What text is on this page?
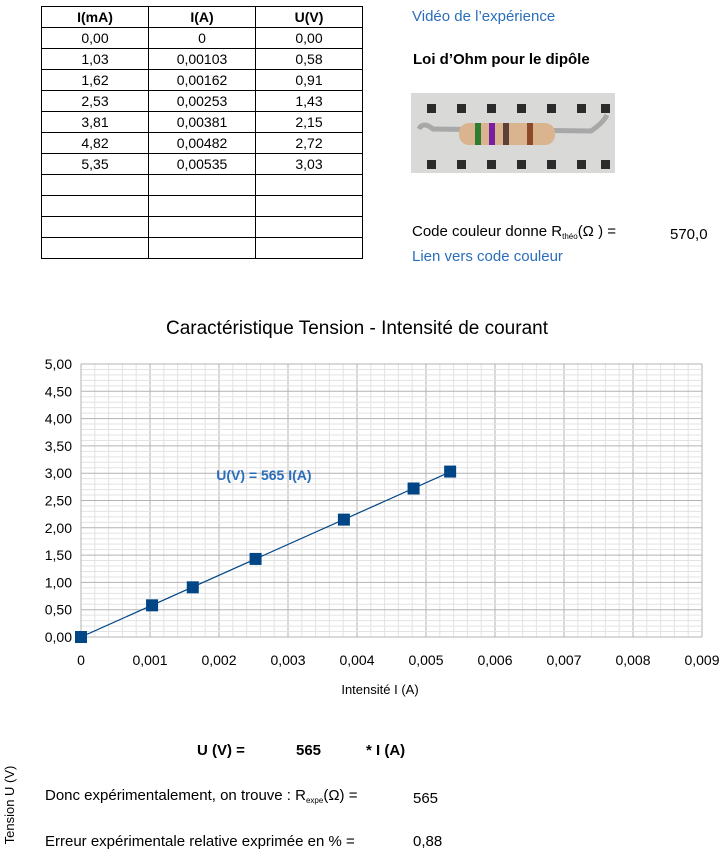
I(mA)	I(A)	U(V)
0,00	0	0,00
1,03	0,00103	0,58
1,62	0,00162	0,91
2,53	0,00253	1,43
3,81	0,00381	2,15
4,82	0,00482	2,72
5,35	0,00535	3,03

Vidéo de l’expérience
Loi d’Ohm pour le dipôle
Code couleur donne $R_{théo}(\Omega$ ) =	570,0
Lien vers code couleur
Caractéristique Tension - Intensité de courant
0	0,001 0,002 0,003 0,004 0,005 0,006 0,007 0,008 0,009
0,00
0,50
1,00
1,50
2,00
2,50
3,00
3,50
4,00
4,50
5,00
U(V) = 565 I(A)
Intensité I (A)
Tension U (V)
U (V) =	565	* I (A)
Donc expérimentalement, on trouve : $R_{expe}(\Omega)$ =	565
Erreur expérimentale relative exprimée en % =	0,88
